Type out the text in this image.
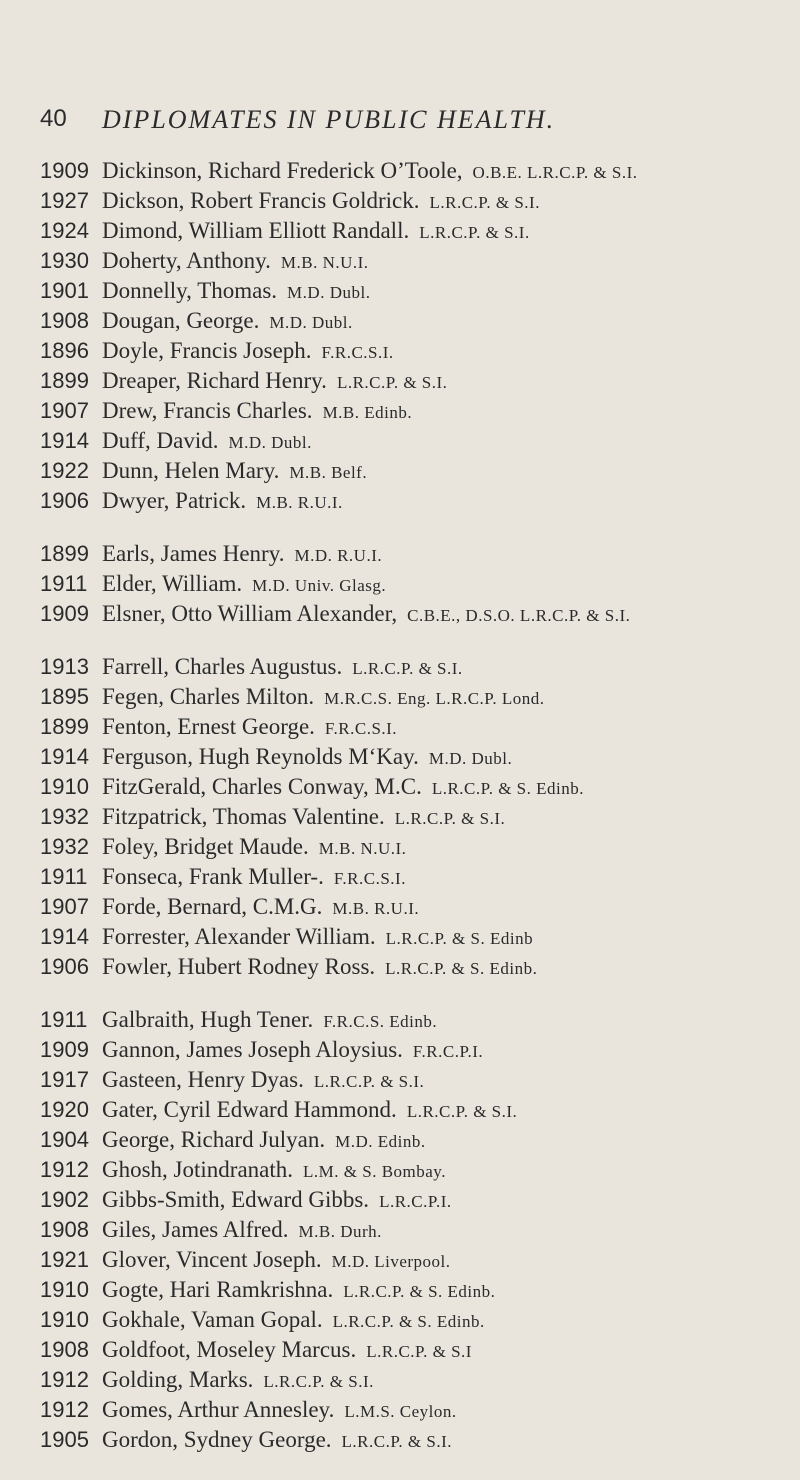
40 DIPLOMATES IN PUBLIC HEALTH.
1909 Dickinson, Richard Frederick O’Toole, O.B.E. L.R.C.P. & S.I.
1927 Dickson, Robert Francis Goldrick. L.R.C.P. & S.I.
1924 Dimond, William Elliott Randall. L.R.C.P. & S.I.
1930 Doherty, Anthony. M.B. N.U.I.
1901 Donnelly, Thomas. M.D. Dubl.
1908 Dougan, George. M.D. Dubl.
1896 Doyle, Francis Joseph. F.R.C.S.I.
1899 Dreaper, Richard Henry. L.R.C.P. & S.I.
1907 Drew, Francis Charles. M.B. Edinb.
1914 Duff, David. M.D. Dubl.
1922 Dunn, Helen Mary. M.B. Belf.
1906 Dwyer, Patrick. M.B. R.U.I.
1899 Earls, James Henry. M.D. R.U.I.
1911 Elder, William. M.D. Univ. Glasg.
1909 Elsner, Otto William Alexander, C.B.E., D.S.O. L.R.C.P. & S.I.
1913 Farrell, Charles Augustus. L.R.C.P. & S.I.
1895 Fegen, Charles Milton. M.R.C.S. Eng. L.R.C.P. Lond.
1899 Fenton, Ernest George. F.R.C.S.I.
1914 Ferguson, Hugh Reynolds M‘Kay. M.D. Dubl.
1910 FitzGerald, Charles Conway, M.C. L.R.C.P. & S. Edinb.
1932 Fitzpatrick, Thomas Valentine. L.R.C.P. & S.I.
1932 Foley, Bridget Maude. M.B. N.U.I.
1911 Fonseca, Frank Muller-. F.R.C.S.I.
1907 Forde, Bernard, C.M.G. M.B. R.U.I.
1914 Forrester, Alexander William. L.R.C.P. & S. Edinb
1906 Fowler, Hubert Rodney Ross. L.R.C.P. & S. Edinb.
1911 Galbraith, Hugh Tener. F.R.C.S. Edinb.
1909 Gannon, James Joseph Aloysius. F.R.C.P.I.
1917 Gasteen, Henry Dyas. L.R.C.P. & S.I.
1920 Gater, Cyril Edward Hammond. L.R.C.P. & S.I.
1904 George, Richard Julyan. M.D. Edinb.
1912 Ghosh, Jotindranath. L.M. & S. Bombay.
1902 Gibbs-Smith, Edward Gibbs. L.R.C.P.I.
1908 Giles, James Alfred. M.B. Durh.
1921 Glover, Vincent Joseph. M.D. Liverpool.
1910 Gogte, Hari Ramkrishna. L.R.C.P. & S. Edinb.
1910 Gokhale, Vaman Gopal. L.R.C.P. & S. Edinb.
1908 Goldfoot, Moseley Marcus. L.R.C.P. & S.I
1912 Golding, Marks. L.R.C.P. & S.I.
1912 Gomes, Arthur Annesley. L.M.S. Ceylon.
1905 Gordon, Sydney George. L.R.C.P. & S.I.
